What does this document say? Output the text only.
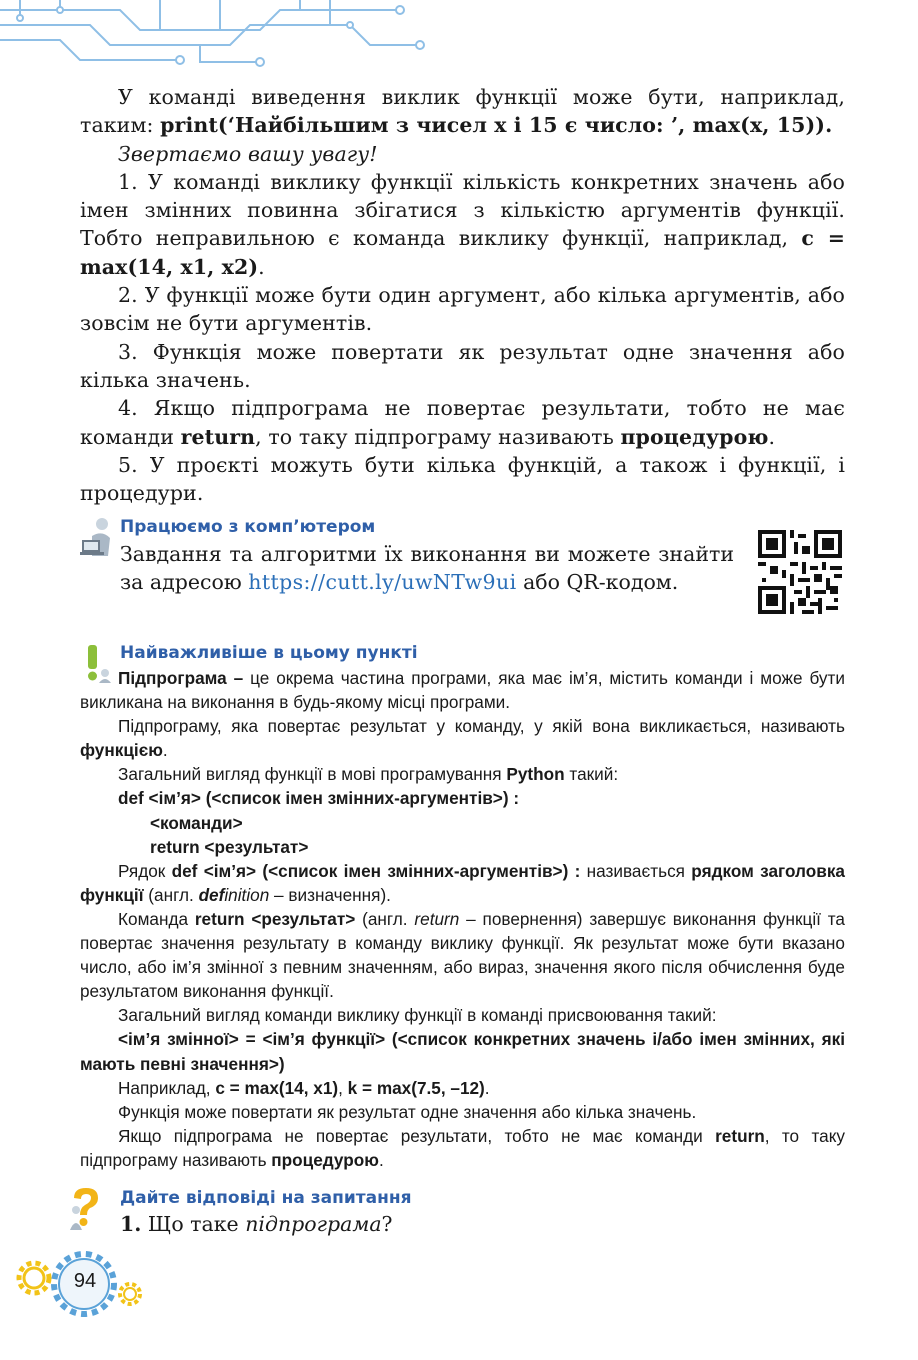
У команді виведення виклик функції може бути, наприклад, таким: print(‘Найбільшим з чисел x і 15 є число: ’, max(x, 15)).

Звертаємо вашу увагу!

1. У команді виклику функції кількість конкретних значень або імен змінних повинна збігатися з кількістю аргументів функції. Тобто неправильною є команда виклику функції, наприклад, c = max(14, x1, x2).

2. У функції може бути один аргумент, або кілька аргументів, або зовсім не бути аргументів.

3. Функція може повертати як результат одне значення або кілька значень.

4. Якщо підпрограма не повертає результати, тобто не має команди return, то таку підпрограму називають процедурою.

5. У проєкті можуть бути кілька функцій, а також і функції, і процедури.

Працюємо з комп’ютером
Завдання та алгоритми їх виконання ви можете знайти за адресою https://cutt.ly/uwNTw9ui або QR-кодом.
Найважливіше в цьому пункті

Підпрограма – це окрема частина програми, яка має ім’я, містить команди і може бути викликана на виконання в будь-якому місці програми.

Підпрограму, яка повертає результат у команду, у якій вона викликається, називають функцією.

Загальний вигляд функції в мові програмування Python такий:

def <ім’я> (<список імен змінних-аргументів>) :

<команди>

return <результат>

Рядок def <ім’я> (<список імен змінних-аргументів>) : називається рядком заголовка функції (англ. definition – визначення).

Команда return <результат> (англ. return – повернення) завершує виконання функції та повертає значення результату в команду виклику функції. Як результат може бути вказано число, або ім’я змінної з певним значенням, або вираз, значення якого після обчислення буде результатом виконання функції.

Загальний вигляд команди виклику функції в команді присвоювання такий:

<ім’я змінної> = <ім’я функції> (<список конкретних значень і/або імен змінних, які мають певні значення>)

Наприклад, c = max(14, x1), k = max(7.5, –12).

Функція може повертати як результат одне значення або кілька значень.

Якщо підпрограма не повертає результати, тобто не має команди return, то таку підпрограму називають процедурою.

Дайте відповіді на запитання
1. Що таке підпрограма?
94
